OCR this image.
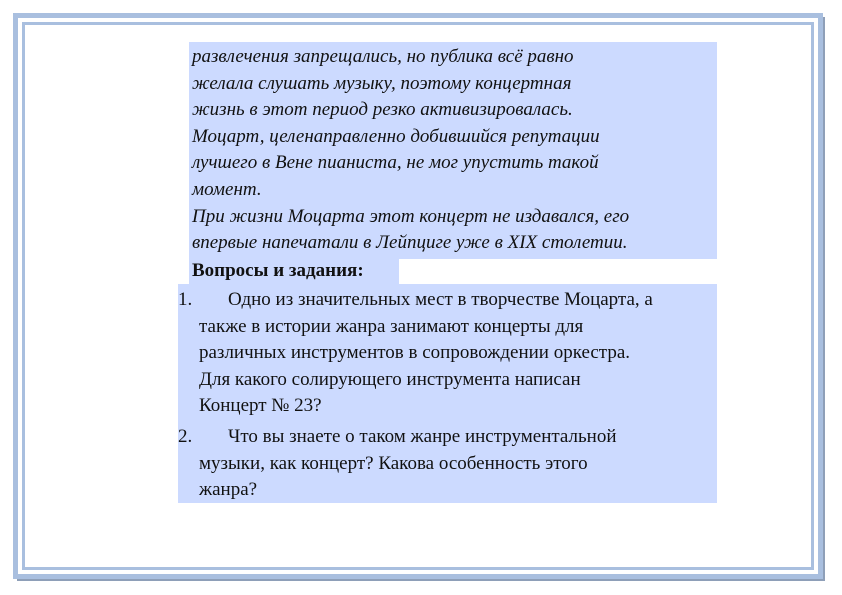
развлечения запрещались, но публика всё равно

желала слушать музыку, поэтому концертная

жизнь в этот период резко активизировалась.

Моцарт, целенаправленно добившийся репутации

лучшего в Вене пианиста, не мог упустить такой

момент.

При жизни Моцарта этот концерт не издавался, его

впервые напечатали в Лейпциге уже в XIX столетии.

Вопросы и задания:
1. Одно из значительных мест в творчестве Моцарта, а
также в истории жанра занимают концерты для
различных инструментов в сопровождении оркестра.
Для какого солирующего инструмента написан
Концерт № 23?
2. Что вы знаете о таком жанре инструментальной
музыки, как концерт? Какова особенность этого
жанра?
